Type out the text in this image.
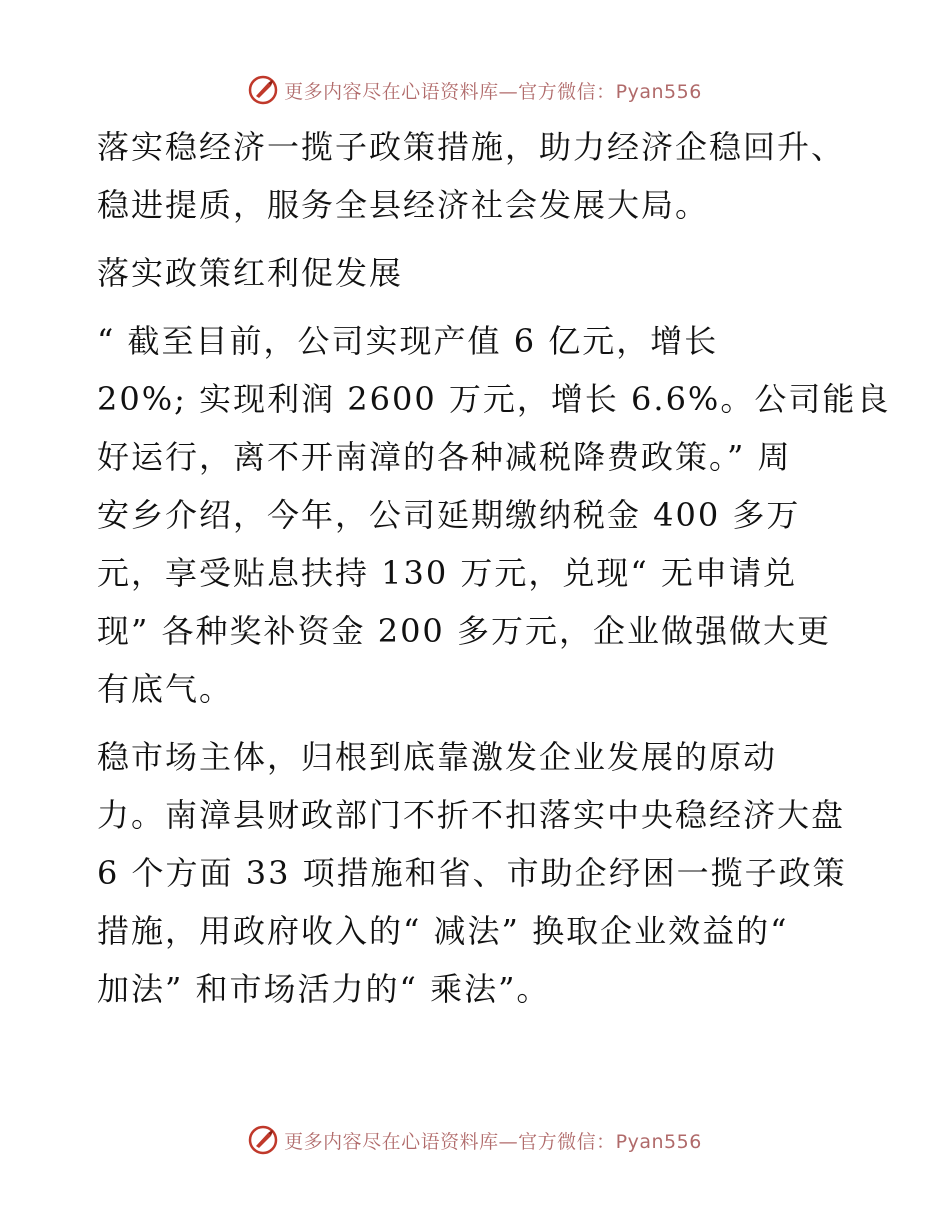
更多内容尽在心语资料库—官方微信：Pyan556
落实稳经济一揽子政策措施，助力经济企稳回升、
稳进提质，服务全县经济社会发展大局。
落实政策红利促发展
“ 截至目前，公司实现产值 6 亿元，增长
20%; 实现利润 2600 万元，增长 6.6%。公司能良
好运行，离不开南漳的各种减税降费政策。” 周
安乡介绍，今年，公司延期缴纳税金 400 多万
元，享受贴息扶持 130 万元，兑现“ 无申请兑
现” 各种奖补资金 200 多万元，企业做强做大更
有底气。
稳市场主体，归根到底靠激发企业发展的原动
力。南漳县财政部门不折不扣落实中央稳经济大盘
6 个方面 33 项措施和省、市助企纾困一揽子政策
措施，用政府收入的“ 减法” 换取企业效益的“
加法” 和市场活力的“ 乘法”。
更多内容尽在心语资料库—官方微信：Pyan556
